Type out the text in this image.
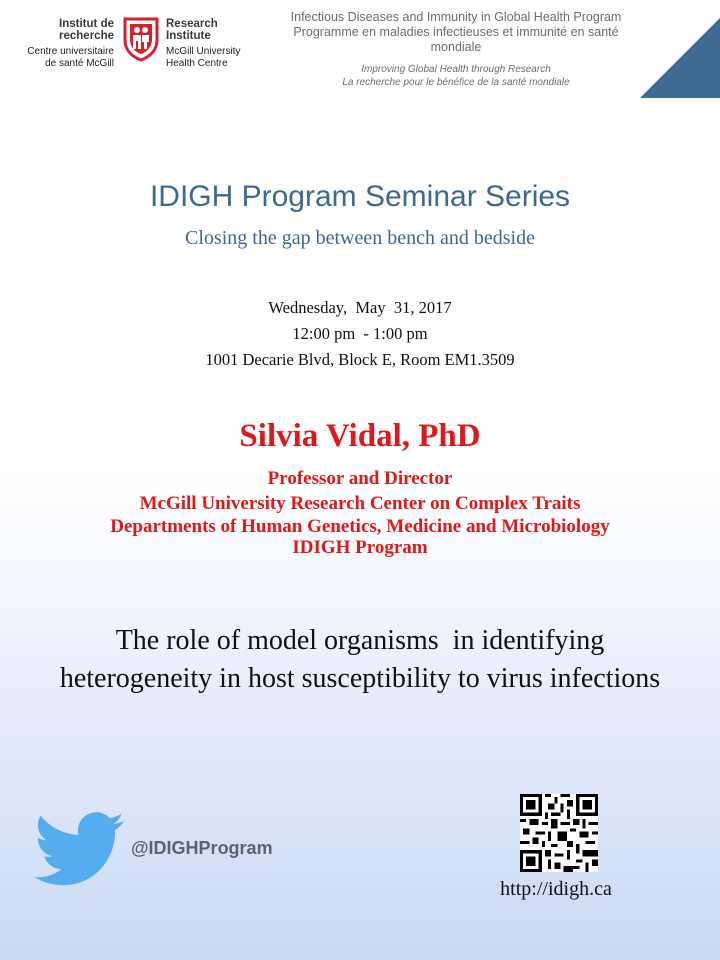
Institut de
recherche
Centre universitaire
de santé McGill
Research
Institute
McGill University
Health Centre
Infectious Diseases and Immunity in Global Health Program
Programme en maladies infectieuses et immunité en santé mondiale
Improving Global Health through Research
La recherche pour le bénéfice de la santé mondiale
IDIGH Program Seminar Series
Closing the gap between bench and bedside
Wednesday,  May  31, 2017
12:00 pm  - 1:00 pm
1001 Decarie Blvd, Block E, Room EM1.3509
Silvia Vidal, PhD
Professor and Director
McGill University Research Center on Complex Traits
Departments of Human Genetics, Medicine and Microbiology
IDIGH Program
The role of model organisms  in identifying
heterogeneity in host susceptibility to virus infections
@IDIGHProgram
http://idigh.ca
